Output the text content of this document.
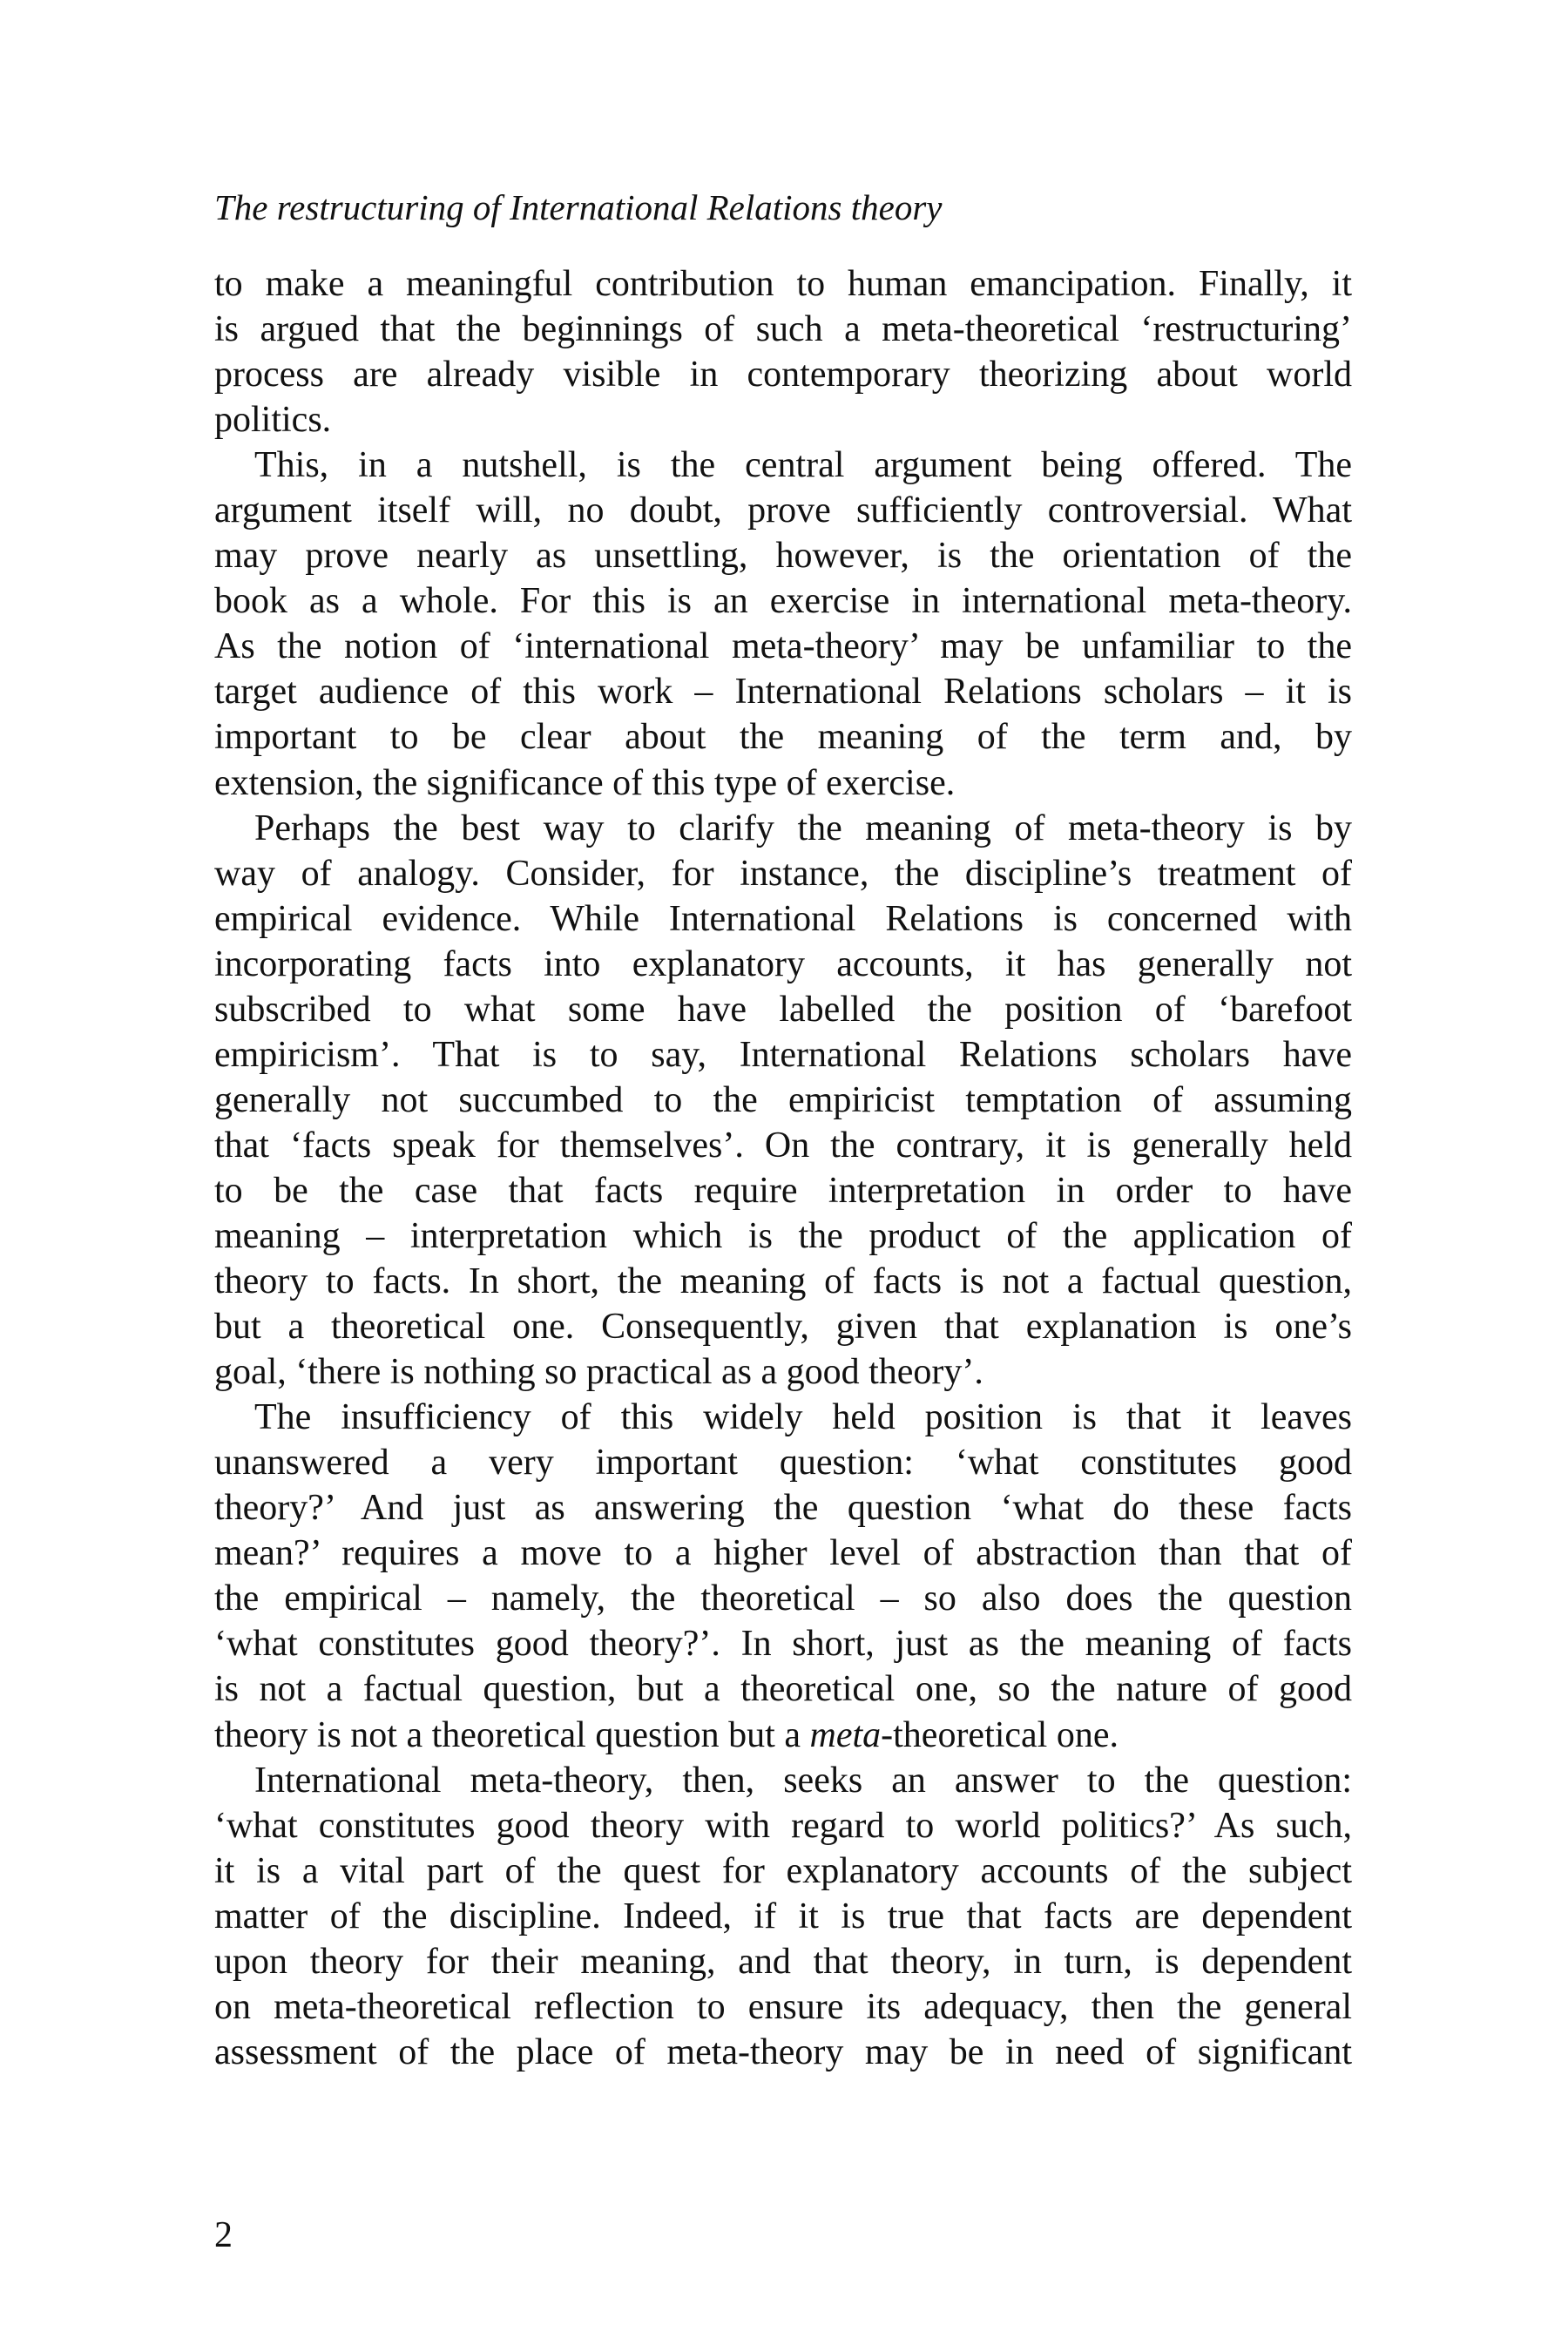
The restructuring of International Relations theory
to make a meaningful contribution to human emancipation. Finally, it
is argued that the beginnings of such a meta-theoretical ‘restructuring’
process are already visible in contemporary theorizing about world
politics.
This, in a nutshell, is the central argument being offered. The
argument itself will, no doubt, prove sufficiently controversial. What
may prove nearly as unsettling, however, is the orientation of the
book as a whole. For this is an exercise in international meta-theory.
As the notion of ‘international meta-theory’ may be unfamiliar to the
target audience of this work – International Relations scholars – it is
important to be clear about the meaning of the term and, by
extension, the significance of this type of exercise.
Perhaps the best way to clarify the meaning of meta-theory is by
way of analogy. Consider, for instance, the discipline’s treatment of
empirical evidence. While International Relations is concerned with
incorporating facts into explanatory accounts, it has generally not
subscribed to what some have labelled the position of ‘barefoot
empiricism’. That is to say, International Relations scholars have
generally not succumbed to the empiricist temptation of assuming
that ‘facts speak for themselves’. On the contrary, it is generally held
to be the case that facts require interpretation in order to have
meaning – interpretation which is the product of the application of
theory to facts. In short, the meaning of facts is not a factual question,
but a theoretical one. Consequently, given that explanation is one’s
goal, ‘there is nothing so practical as a good theory’.
The insufficiency of this widely held position is that it leaves
unanswered a very important question: ‘what constitutes good
theory?’ And just as answering the question ‘what do these facts
mean?’ requires a move to a higher level of abstraction than that of
the empirical – namely, the theoretical – so also does the question
‘what constitutes good theory?’. In short, just as the meaning of facts
is not a factual question, but a theoretical one, so the nature of good
theory is not a theoretical question but a meta-theoretical one.
International meta-theory, then, seeks an answer to the question:
‘what constitutes good theory with regard to world politics?’ As such,
it is a vital part of the quest for explanatory accounts of the subject
matter of the discipline. Indeed, if it is true that facts are dependent
upon theory for their meaning, and that theory, in turn, is dependent
on meta-theoretical reflection to ensure its adequacy, then the general
assessment of the place of meta-theory may be in need of significant
2
